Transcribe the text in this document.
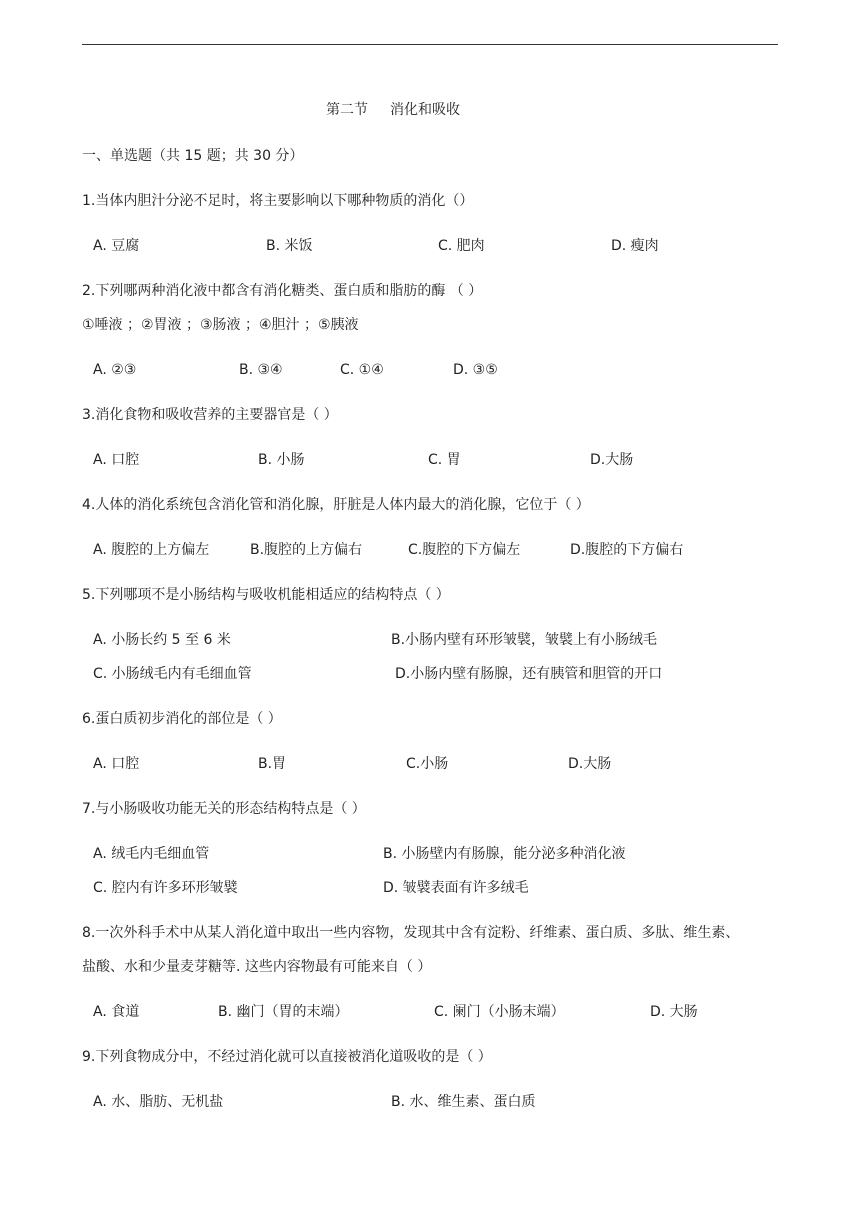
第二节 消化和吸收
一、单选题（共 15 题；共 30 分）
1.当体内胆汁分泌不足时，将主要影响以下哪种物质的消化（）
A. 豆腐	B. 米饭	C. 肥肉	D. 瘦肉
2.下列哪两种消化液中都含有消化糖类、蛋白质和脂肪的酶 （ ）
①唾液 ；②胃液 ；③肠液 ；④胆汁 ；⑤胰液
A. ②③	B. ③④	C. ①④	D. ③⑤
3.消化食物和吸收营养的主要器官是（ ）
A. 口腔	B. 小肠	C. 胃	D.大肠
4.人体的消化系统包含消化管和消化腺，肝脏是人体内最大的消化腺，它位于（ ）
A. 腹腔的上方偏左	B.腹腔的上方偏右	C.腹腔的下方偏左	D.腹腔的下方偏右
5.下列哪项不是小肠结构与吸收机能相适应的结构特点（ ）
A. 小肠长约 5 至 6 米	B.小肠内壁有环形皱襞，皱襞上有小肠绒毛
C. 小肠绒毛内有毛细血管	D.小肠内壁有肠腺，还有胰管和胆管的开口
6.蛋白质初步消化的部位是（ ）
A. 口腔	B.胃	C.小肠	D.大肠
7.与小肠吸收功能无关的形态结构特点是（ ）
A. 绒毛内毛细血管	B. 小肠壁内有肠腺，能分泌多种消化液
C. 腔内有许多环形皱襞	D. 皱襞表面有许多绒毛
8.一次外科手术中从某人消化道中取出一些内容物，发现其中含有淀粉、纤维素、蛋白质、多肽、维生素、
盐酸、水和少量麦芽糖等. 这些内容物最有可能来自（ ）
A. 食道	B. 幽门（胃的末端）	C. 阑门（小肠末端）	D. 大肠
9.下列食物成分中，不经过消化就可以直接被消化道吸收的是（ ）
A. 水、脂肪、无机盐	B. 水、维生素、蛋白质
